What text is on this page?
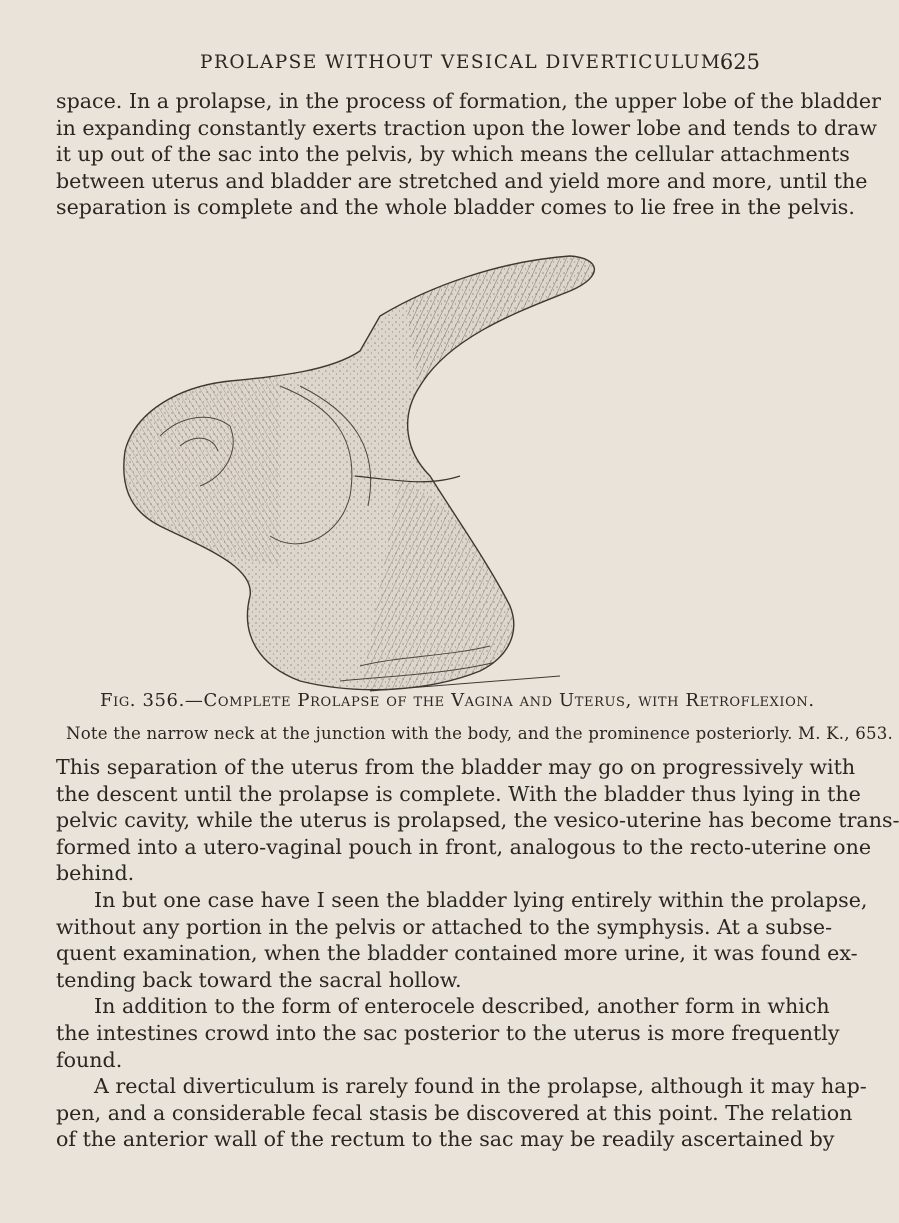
PROLAPSE WITHOUT VESICAL DIVERTICULUM.
625
space. In a prolapse, in the process of formation, the upper lobe of the bladder
in expanding constantly exerts traction upon the lower lobe and tends to draw
it up out of the sac into the pelvis, by which means the cellular attachments
between uterus and bladder are stretched and yield more and more, until the
separation is complete and the whole bladder comes to lie free in the pelvis.
Fig. 356.—Complete Prolapse of the Vagina and Uterus, with Retroflexion.
Note the narrow neck at the junction with the body, and the prominence posteriorly. M. K., 653.
This separation of the uterus from the bladder may go on progressively with
the descent until the prolapse is complete. With the bladder thus lying in the
pelvic cavity, while the uterus is prolapsed, the vesico-uterine has become trans-
formed into a utero-vaginal pouch in front, analogous to the recto-uterine one
behind.
In but one case have I seen the bladder lying entirely within the prolapse,
without any portion in the pelvis or attached to the symphysis. At a subse-
quent examination, when the bladder contained more urine, it was found ex-
tending back toward the sacral hollow.
In addition to the form of enterocele described, another form in which
the intestines crowd into the sac posterior to the uterus is more frequently
found.
A rectal diverticulum is rarely found in the prolapse, although it may hap-
pen, and a considerable fecal stasis be discovered at this point. The relation
of the anterior wall of the rectum to the sac may be readily ascertained by
